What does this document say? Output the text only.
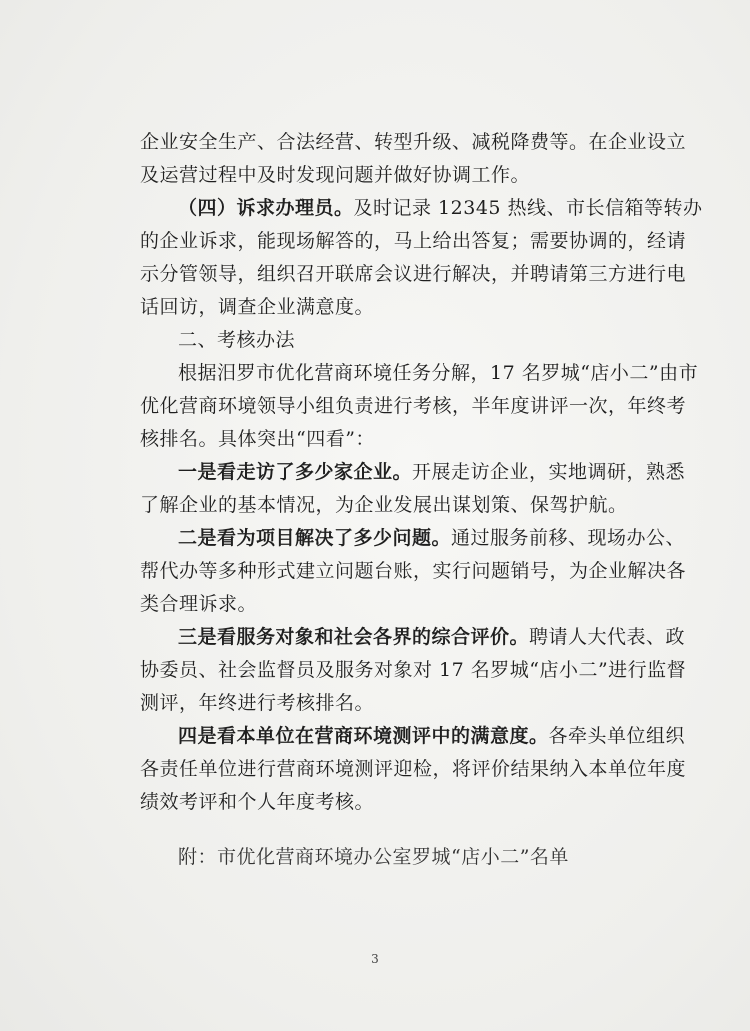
企业安全生产、合法经营、转型升级、减税降费等。在企业设立
及运营过程中及时发现问题并做好协调工作。
（四）诉求办理员。及时记录 12345 热线、市长信箱等转办
的企业诉求，能现场解答的，马上给出答复；需要协调的，经请
示分管领导，组织召开联席会议进行解决，并聘请第三方进行电
话回访，调查企业满意度。
二、考核办法
根据汨罗市优化营商环境任务分解，17 名罗城“店小二”由市
优化营商环境领导小组负责进行考核，半年度讲评一次，年终考
核排名。具体突出“四看”：
一是看走访了多少家企业。开展走访企业，实地调研，熟悉
了解企业的基本情况，为企业发展出谋划策、保驾护航。
二是看为项目解决了多少问题。通过服务前移、现场办公、
帮代办等多种形式建立问题台账，实行问题销号，为企业解决各
类合理诉求。
三是看服务对象和社会各界的综合评价。聘请人大代表、政
协委员、社会监督员及服务对象对 17 名罗城“店小二”进行监督
测评，年终进行考核排名。
四是看本单位在营商环境测评中的满意度。各牵头单位组织
各责任单位进行营商环境测评迎检，将评价结果纳入本单位年度
绩效考评和个人年度考核。
附：市优化营商环境办公室罗城“店小二”名单
3
